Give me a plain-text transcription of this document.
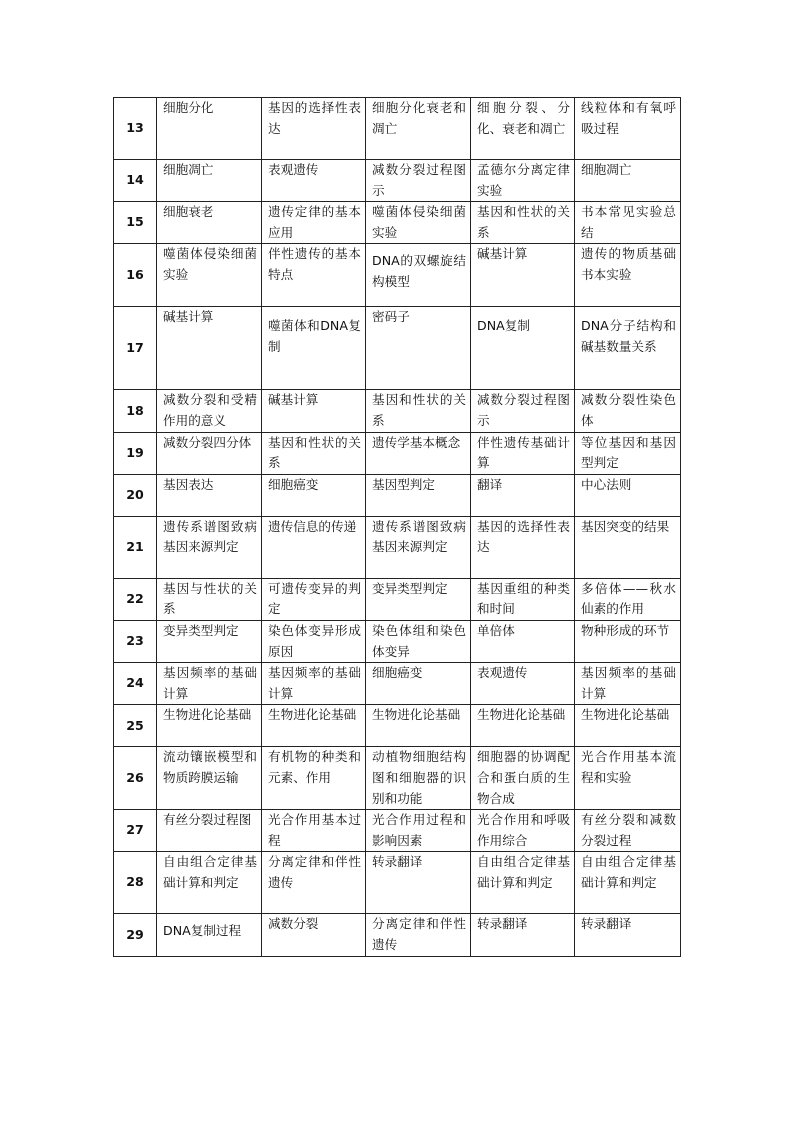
13	细胞分化	基因的选择性表达	细胞分化衰老和凋亡	细胞分裂、分化、衰老和凋亡	线粒体和有氧呼吸过程
14	细胞凋亡	表观遗传	减数分裂过程图示	孟德尔分离定律实验	细胞凋亡
15	细胞衰老	遗传定律的基本应用	噬菌体侵染细菌实验	基因和性状的关系	书本常见实验总结
16	噬菌体侵染细菌实验	伴性遗传的基本特点	DNA的双螺旋结构模型	碱基计算	遗传的物质基础书本实验
17	碱基计算	噬菌体和DNA复制	密码子	DNA复制	DNA分子结构和碱基数量关系
18	减数分裂和受精作用的意义	碱基计算	基因和性状的关系	减数分裂过程图示	减数分裂性染色体
19	减数分裂四分体	基因和性状的关系	遗传学基本概念	伴性遗传基础计算	等位基因和基因型判定
20	基因表达	细胞癌变	基因型判定	翻译	中心法则
21	遗传系谱图致病基因来源判定	遗传信息的传递	遗传系谱图致病基因来源判定	基因的选择性表达	基因突变的结果
22	基因与性状的关系	可遗传变异的判定	变异类型判定	基因重组的种类和时间	多倍体——秋水仙素的作用
23	变异类型判定	染色体变异形成原因	染色体组和染色体变异	单倍体	物种形成的环节
24	基因频率的基础计算	基因频率的基础计算	细胞癌变	表观遗传	基因频率的基础计算
25	生物进化论基础	生物进化论基础	生物进化论基础	生物进化论基础	生物进化论基础
26	流动镶嵌模型和物质跨膜运输	有机物的种类和元素、作用	动植物细胞结构图和细胞器的识别和功能	细胞器的协调配合和蛋白质的生物合成	光合作用基本流程和实验
27	有丝分裂过程图	光合作用基本过程	光合作用过程和影响因素	光合作用和呼吸作用综合	有丝分裂和减数分裂过程
28	自由组合定律基础计算和判定	分离定律和伴性遗传	转录翻译	自由组合定律基础计算和判定	自由组合定律基础计算和判定
29	DNA复制过程	减数分裂	分离定律和伴性遗传	转录翻译	转录翻译
